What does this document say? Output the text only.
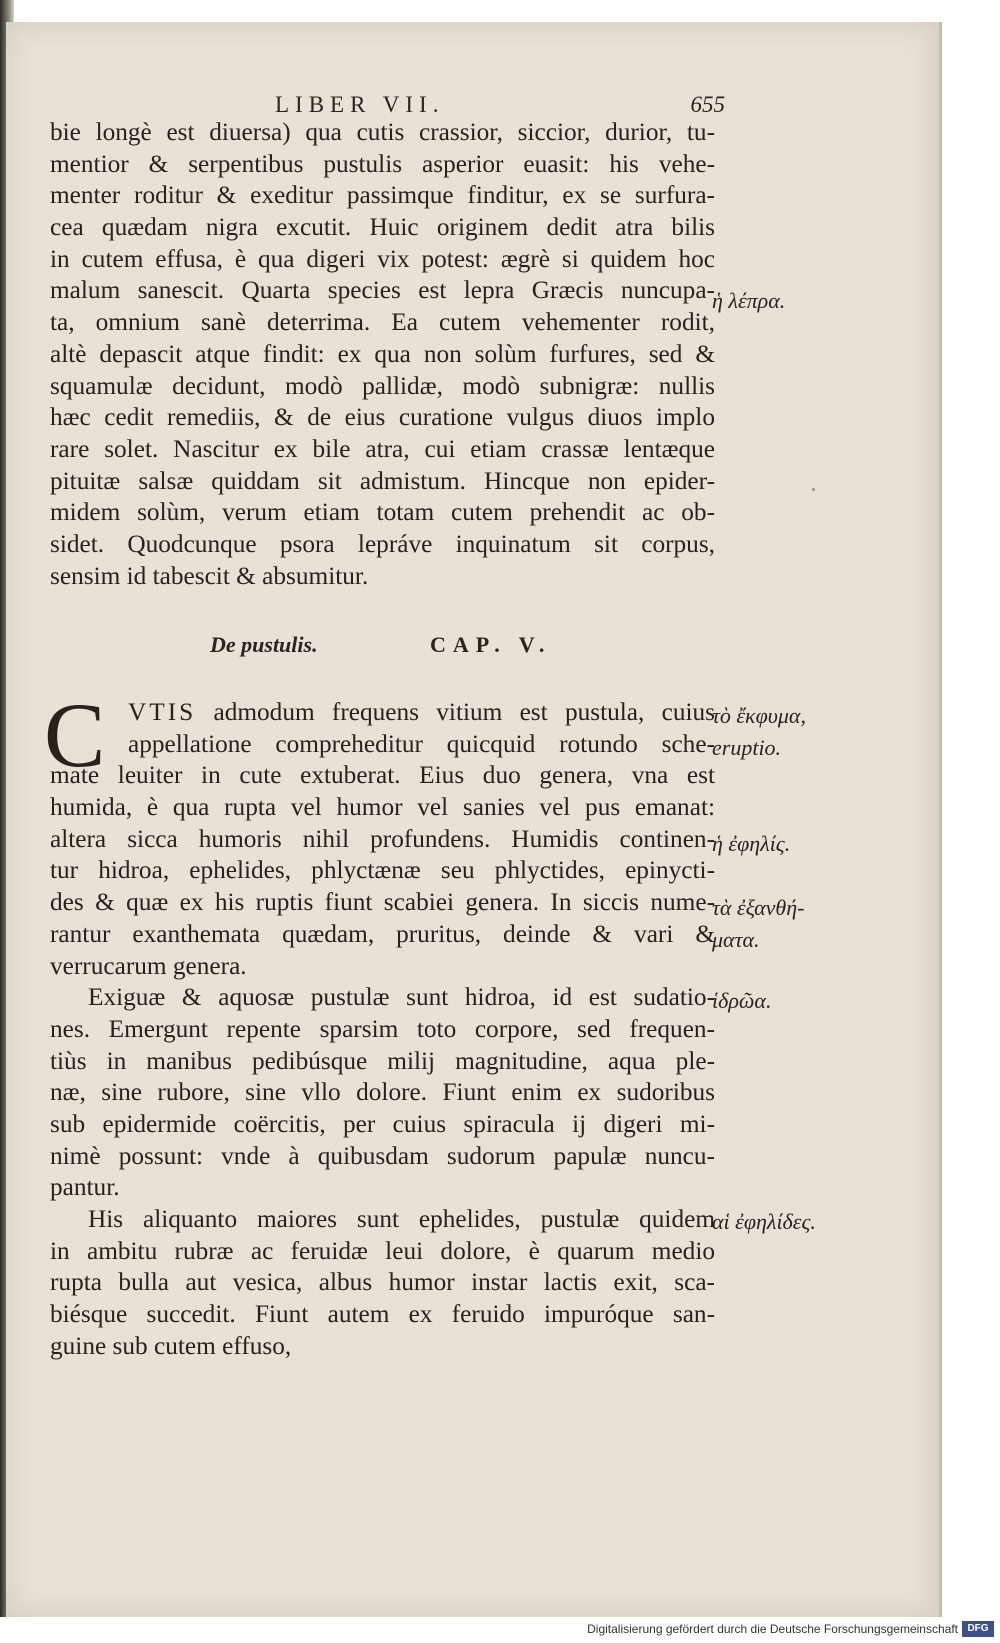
LIBER VII.	655
bie longè est diuersa) qua cutis crassior, siccior, durior, tu-
mentior & serpentibus pustulis asperior euasit: his vehe-
menter roditur & exeditur passimque finditur, ex se surfura-
cea quædam nigra excutit. Huic originem dedit atra bilis
in cutem effusa, è qua digeri vix potest: ægrè si quidem hoc
malum sanescit. Quarta species est lepra Græcis nuncupa-
ta, omnium sanè deterrima. Ea cutem vehementer rodit,
altè depascit atque findit: ex qua non solùm furfures, sed &
squamulæ decidunt, modò pallidæ, modò subnigræ: nullis
hæc cedit remediis, & de eius curatione vulgus diuos implo
rare solet. Nascitur ex bile atra, cui etiam crassæ lentæque
pituitæ salsæ quiddam sit admistum. Hincque non epider-
midem solùm, verum etiam totam cutem prehendit ac ob-
sidet. Quodcunque psora lepráve inquinatum sit corpus,
sensim id tabescit & absumitur.
De pustulis.	CAP. V.
C VTIS admodum frequens vitium est pustula, cuius
appellatione compreheditur quicquid rotundo sche-
mate leuiter in cute extuberat. Eius duo genera, vna est
humida, è qua rupta vel humor vel sanies vel pus emanat:
altera sicca humoris nihil profundens. Humidis continen-
tur hidroa, ephelides, phlyctænæ seu phlyctides, epinycti-
des & quæ ex his ruptis fiunt scabiei genera. In siccis nume-
rantur exanthemata quædam, pruritus, deinde & vari &
verrucarum genera.
Exiguæ & aquosæ pustulæ sunt hidroa, id est sudatio-
nes. Emergunt repente sparsim toto corpore, sed frequen-
tiùs in manibus pedibúsque milij magnitudine, aqua ple-
næ, sine rubore, sine vllo dolore. Fiunt enim ex sudoribus
sub epidermide coërcitis, per cuius spiracula ij digeri mi-
nimè possunt: vnde à quibusdam sudorum papulæ nuncu-
pantur.
His aliquanto maiores sunt ephelides, pustulæ quidem
in ambitu rubræ ac feruidæ leui dolore, è quarum medio
rupta bulla aut vesica, albus humor instar lactis exit, sca-
biésque succedit. Fiunt autem ex feruido impuróque san-
guine sub cutem effuso,
ἡ λέπρα.
τὸ ἔκφυμα,
eruptio.
ἡ ἐφηλίς.
τὰ ἐξανθή-
ματα.
ἱδρῶα.
αἱ ἐφηλίδες.
Digitalisierung gefördert durch die Deutsche Forschungsgemeinschaft DFG
